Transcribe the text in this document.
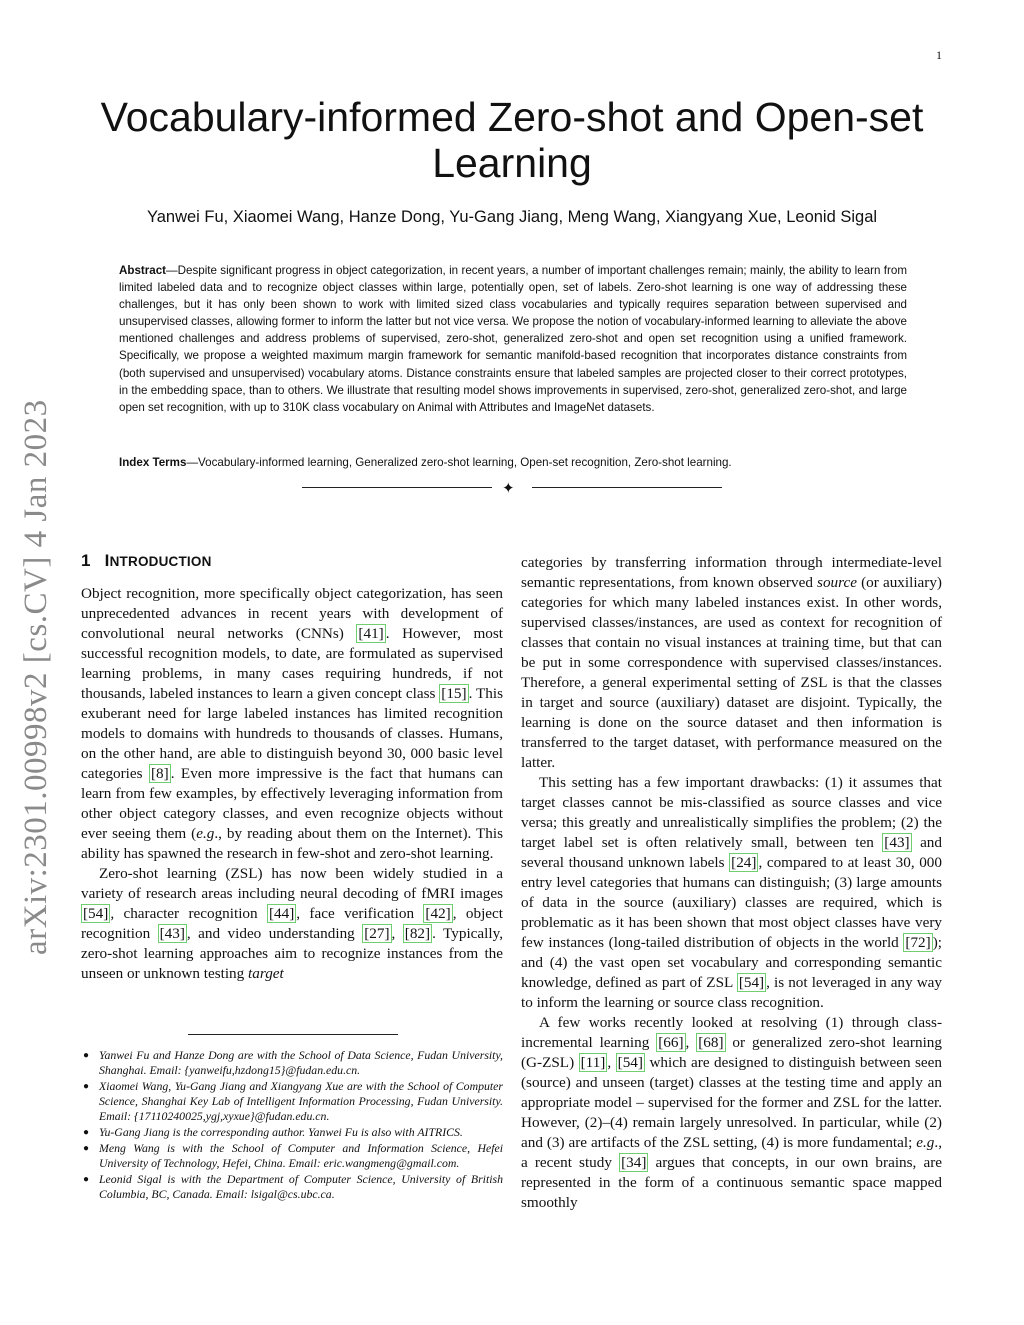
1
arXiv:2301.00998v2 [cs.CV] 4 Jan 2023
Vocabulary-informed Zero-shot and Open-set Learning
Yanwei Fu, Xiaomei Wang, Hanze Dong, Yu-Gang Jiang, Meng Wang, Xiangyang Xue, Leonid Sigal

Abstract—Despite significant progress in object categorization, in recent years, a number of important challenges remain; mainly, the ability to learn from limited labeled data and to recognize object classes within large, potentially open, set of labels. Zero-shot learning is one way of addressing these challenges, but it has only been shown to work with limited sized class vocabularies and typically requires separation between supervised and unsupervised classes, allowing former to inform the latter but not vice versa. We propose the notion of vocabulary-informed learning to alleviate the above mentioned challenges and address problems of supervised, zero-shot, generalized zero-shot and open set recognition using a unified framework. Specifically, we propose a weighted maximum margin framework for semantic manifold-based recognition that incorporates distance constraints from (both supervised and unsupervised) vocabulary atoms. Distance constraints ensure that labeled samples are projected closer to their correct prototypes, in the embedding space, than to others. We illustrate that resulting model shows improvements in supervised, zero-shot, generalized zero-shot, and large open set recognition, with up to 310K class vocabulary on Animal with Attributes and ImageNet datasets.

Index Terms—Vocabulary-informed learning, Generalized zero-shot learning, Open-set recognition, Zero-shot learning.

✦
1 INTRODUCTION

Object recognition, more specifically object categorization, has seen unprecedented advances in recent years with development of convolutional neural networks (CNNs) [41] . However, most successful recognition models, to date, are formulated as supervised learning problems, in many cases requiring hundreds, if not thousands, labeled instances to learn a given concept class [15] . This exuberant need for large labeled instances has limited recognition models to domains with hundreds to thousands of classes. Humans, on the other hand, are able to distinguish beyond 30, 000 basic level categories [8] . Even more impressive is the fact that humans can learn from few examples, by effectively leveraging information from other object category classes, and even recognize objects without ever seeing them (e.g., by reading about them on the Internet). This ability has spawned the research in few-shot and zero-shot learning.

Zero-shot learning (ZSL) has now been widely studied in a variety of research areas including neural decoding of fMRI images [54] , character recognition [44] , face verification [42] , object recognition [43] , and video understanding [27] , [82] . Typically, zero-shot learning approaches aim to recognize instances from the unseen or unknown testing target

● Yanwei Fu and Hanze Dong are with the School of Data Science, Fudan University, Shanghai. Email: {yanweifu,hzdong15}@fudan.edu.cn.
● Xiaomei Wang, Yu-Gang Jiang and Xiangyang Xue are with the School of Computer Science, Shanghai Key Lab of Intelligent Information Processing, Fudan University. Email: {17110240025,ygj,xyxue}@fudan.edu.cn.
● Yu-Gang Jiang is the corresponding author. Yanwei Fu is also with AITRICS.
● Meng Wang is with the School of Computer and Information Science, Hefei University of Technology, Hefei, China. Email: eric.wangmeng@gmail.com.
● Leonid Sigal is with the Department of Computer Science, University of British Columbia, BC, Canada. Email: lsigal@cs.ubc.ca.

categories by transferring information through intermediate-level semantic representations, from known observed source (or auxiliary) categories for which many labeled instances exist. In other words, supervised classes/instances, are used as context for recognition of classes that contain no visual instances at training time, but that can be put in some correspondence with supervised classes/instances. Therefore, a general experimental setting of ZSL is that the classes in target and source (auxiliary) dataset are disjoint. Typically, the learning is done on the source dataset and then information is transferred to the target dataset, with performance measured on the latter.

This setting has a few important drawbacks: (1) it assumes that target classes cannot be mis-classified as source classes and vice versa; this greatly and unrealistically simplifies the problem; (2) the target label set is often relatively small, between ten [43] and several thousand unknown labels [24] , compared to at least 30, 000 entry level categories that humans can distinguish; (3) large amounts of data in the source (auxiliary) classes are required, which is problematic as it has been shown that most object classes have very few instances (long-tailed distribution of objects in the world [72] ); and (4) the vast open set vocabulary and corresponding semantic knowledge, defined as part of ZSL [54] , is not leveraged in any way to inform the learning or source class recognition.

A few works recently looked at resolving (1) through class-incremental learning [66] , [68] or generalized zero-shot learning (G-ZSL) [11] , [54] which are designed to distinguish between seen (source) and unseen (target) classes at the testing time and apply an appropriate model – supervised for the former and ZSL for the latter. However, (2)–(4) remain largely unresolved. In particular, while (2) and (3) are artifacts of the ZSL setting, (4) is more fundamental; e.g., a recent study [34] argues that concepts, in our own brains, are represented in the form of a continuous semantic space mapped smoothly
